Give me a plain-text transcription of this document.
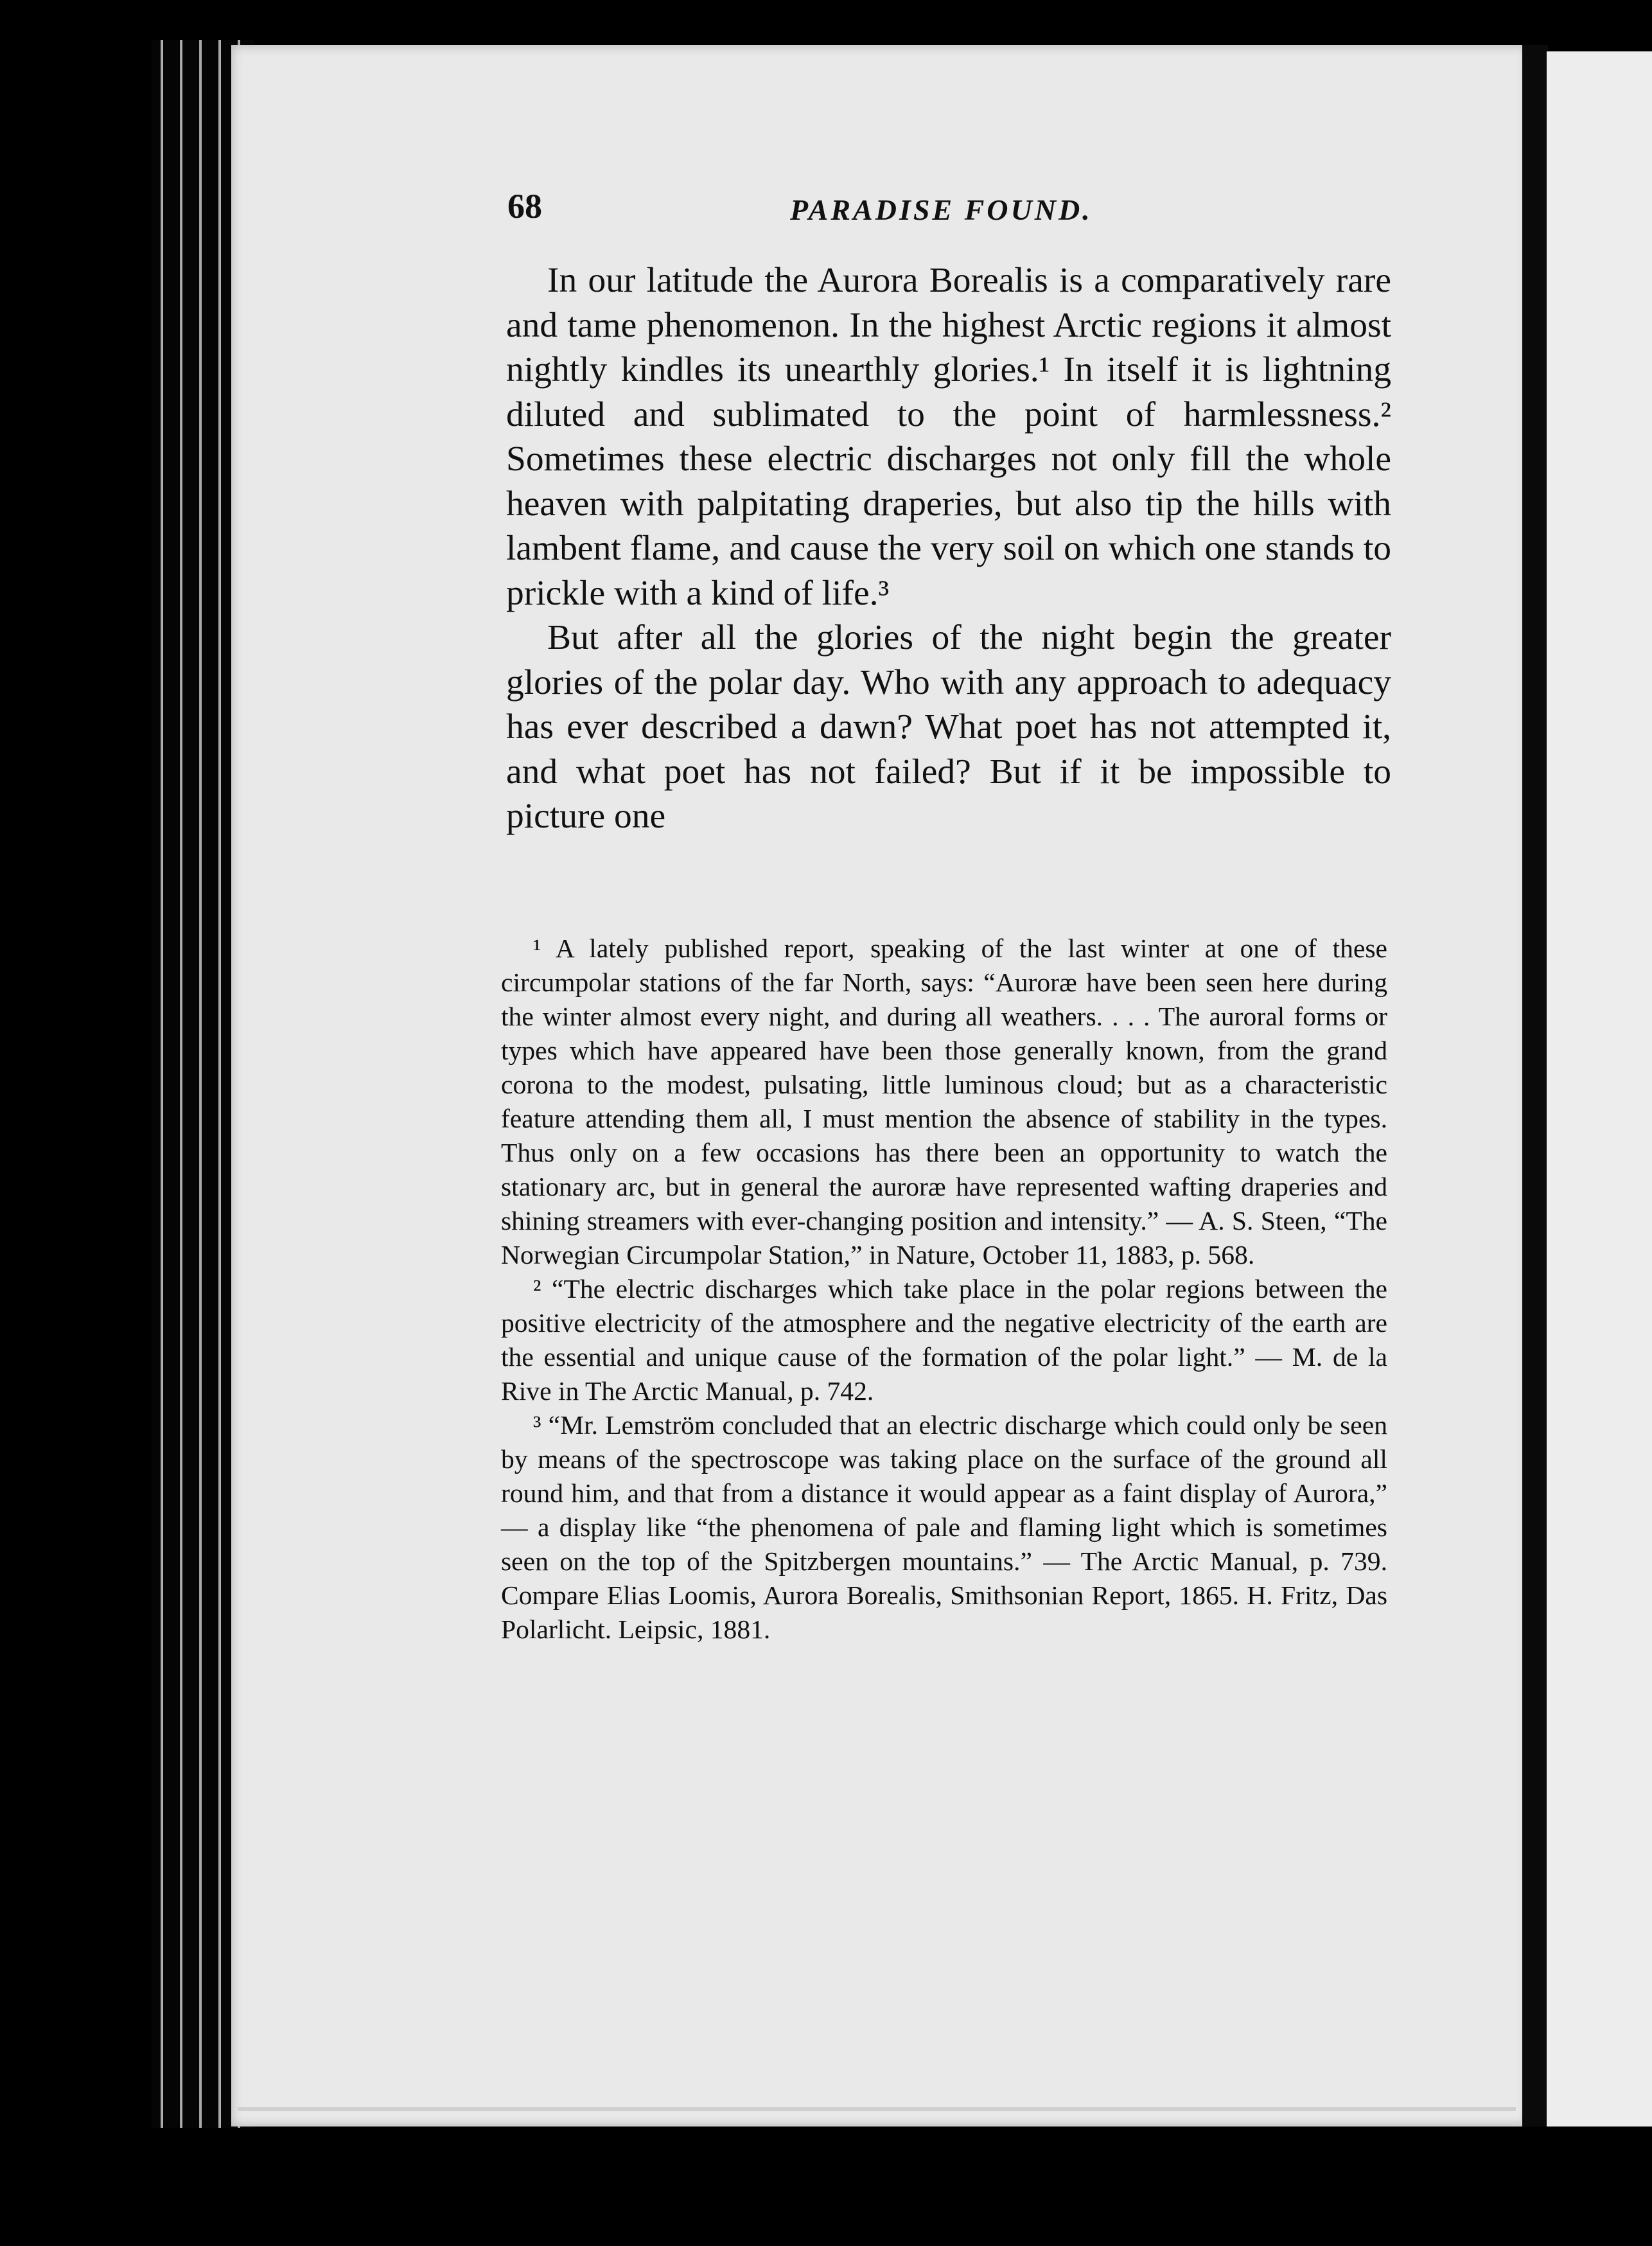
68	PARADISE FOUND.

In our latitude the Aurora Borealis is a comparatively rare and tame phenomenon. In the highest Arctic regions it almost nightly kindles its unearthly glories.¹ In itself it is lightning diluted and sublimated to the point of harmlessness.² Sometimes these electric discharges not only fill the whole heaven with palpitating draperies, but also tip the hills with lambent flame, and cause the very soil on which one stands to prickle with a kind of life.³

But after all the glories of the night begin the greater glories of the polar day. Who with any approach to adequacy has ever described a dawn? What poet has not attempted it, and what poet has not failed? But if it be impossible to picture one

¹ A lately published report, speaking of the last winter at one of these circumpolar stations of the far North, says: “Auroræ have been seen here during the winter almost every night, and during all weathers. . . . The auroral forms or types which have appeared have been those generally known, from the grand corona to the modest, pulsating, little luminous cloud; but as a characteristic feature attending them all, I must mention the absence of stability in the types. Thus only on a few occasions has there been an opportunity to watch the stationary arc, but in general the auroræ have represented wafting draperies and shining streamers with ever-changing position and intensity.” — A. S. Steen, “The Norwegian Circumpolar Station,” in Nature, October 11, 1883, p. 568.

² “The electric discharges which take place in the polar regions between the positive electricity of the atmosphere and the negative electricity of the earth are the essential and unique cause of the formation of the polar light.” — M. de la Rive in The Arctic Manual, p. 742.

³ “Mr. Lemström concluded that an electric discharge which could only be seen by means of the spectroscope was taking place on the surface of the ground all round him, and that from a distance it would appear as a faint display of Aurora,” — a display like “the phenomena of pale and flaming light which is sometimes seen on the top of the Spitzbergen mountains.” — The Arctic Manual, p. 739. Compare Elias Loomis, Aurora Borealis, Smithsonian Report, 1865. H. Fritz, Das Polarlicht. Leipsic, 1881.
